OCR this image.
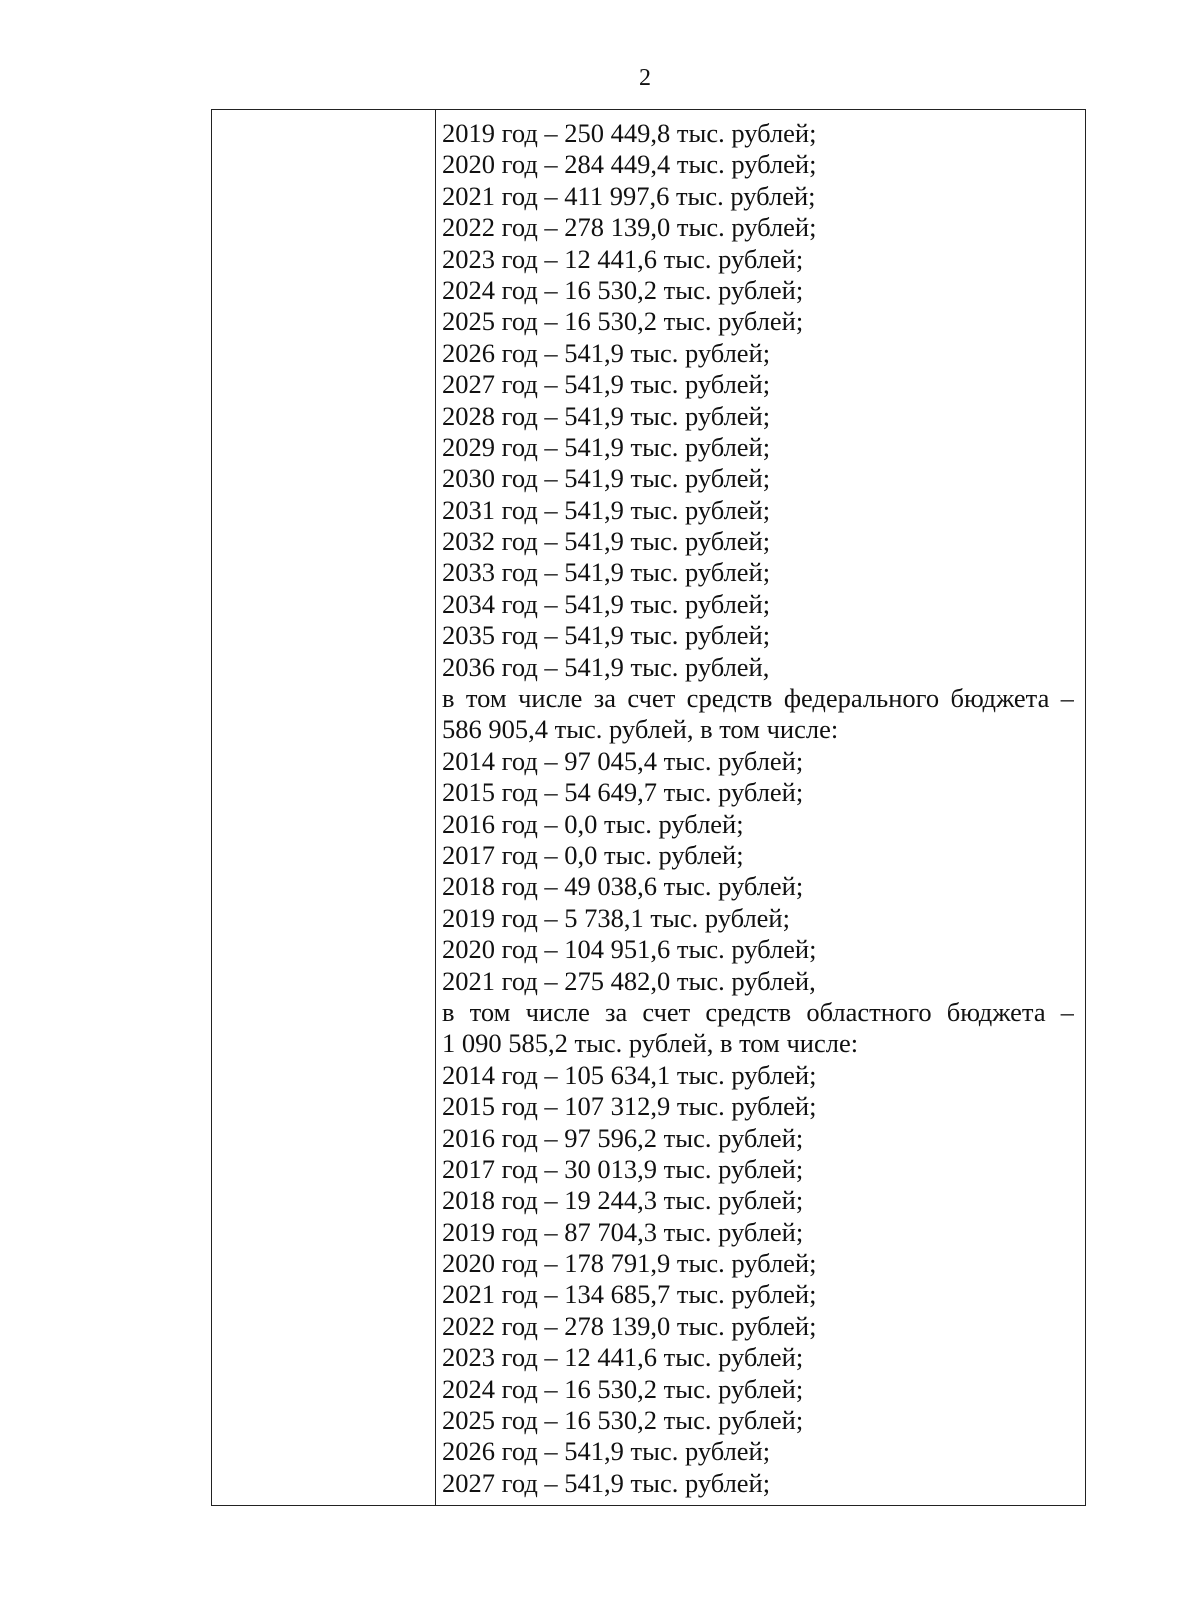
2
2019 год – 250 449,8 тыс. рублей;
2020 год – 284 449,4 тыс. рублей;
2021 год – 411 997,6 тыс. рублей;
2022 год – 278 139,0 тыс. рублей;
2023 год – 12 441,6 тыс. рублей;
2024 год – 16 530,2 тыс. рублей;
2025 год – 16 530,2 тыс. рублей;
2026 год – 541,9 тыс. рублей;
2027 год – 541,9 тыс. рублей;
2028 год – 541,9 тыс. рублей;
2029 год – 541,9 тыс. рублей;
2030 год – 541,9 тыс. рублей;
2031 год – 541,9 тыс. рублей;
2032 год – 541,9 тыс. рублей;
2033 год – 541,9 тыс. рублей;
2034 год – 541,9 тыс. рублей;
2035 год – 541,9 тыс. рублей;
2036 год – 541,9 тыс. рублей,
в том числе за счет средств федерального бюджета –
586 905,4 тыс. рублей, в том числе:
2014 год – 97 045,4 тыс. рублей;
2015 год – 54 649,7 тыс. рублей;
2016 год – 0,0 тыс. рублей;
2017 год – 0,0 тыс. рублей;
2018 год – 49 038,6 тыс. рублей;
2019 год – 5 738,1 тыс. рублей;
2020 год – 104 951,6 тыс. рублей;
2021 год – 275 482,0 тыс. рублей,
в том числе за счет средств областного бюджета –
1 090 585,2 тыс. рублей, в том числе:
2014 год – 105 634,1 тыс. рублей;
2015 год – 107 312,9 тыс. рублей;
2016 год – 97 596,2 тыс. рублей;
2017 год – 30 013,9 тыс. рублей;
2018 год – 19 244,3 тыс. рублей;
2019 год – 87 704,3 тыс. рублей;
2020 год – 178 791,9 тыс. рублей;
2021 год – 134 685,7 тыс. рублей;
2022 год – 278 139,0 тыс. рублей;
2023 год – 12 441,6 тыс. рублей;
2024 год – 16 530,2 тыс. рублей;
2025 год – 16 530,2 тыс. рублей;
2026 год – 541,9 тыс. рублей;
2027 год – 541,9 тыс. рублей;
